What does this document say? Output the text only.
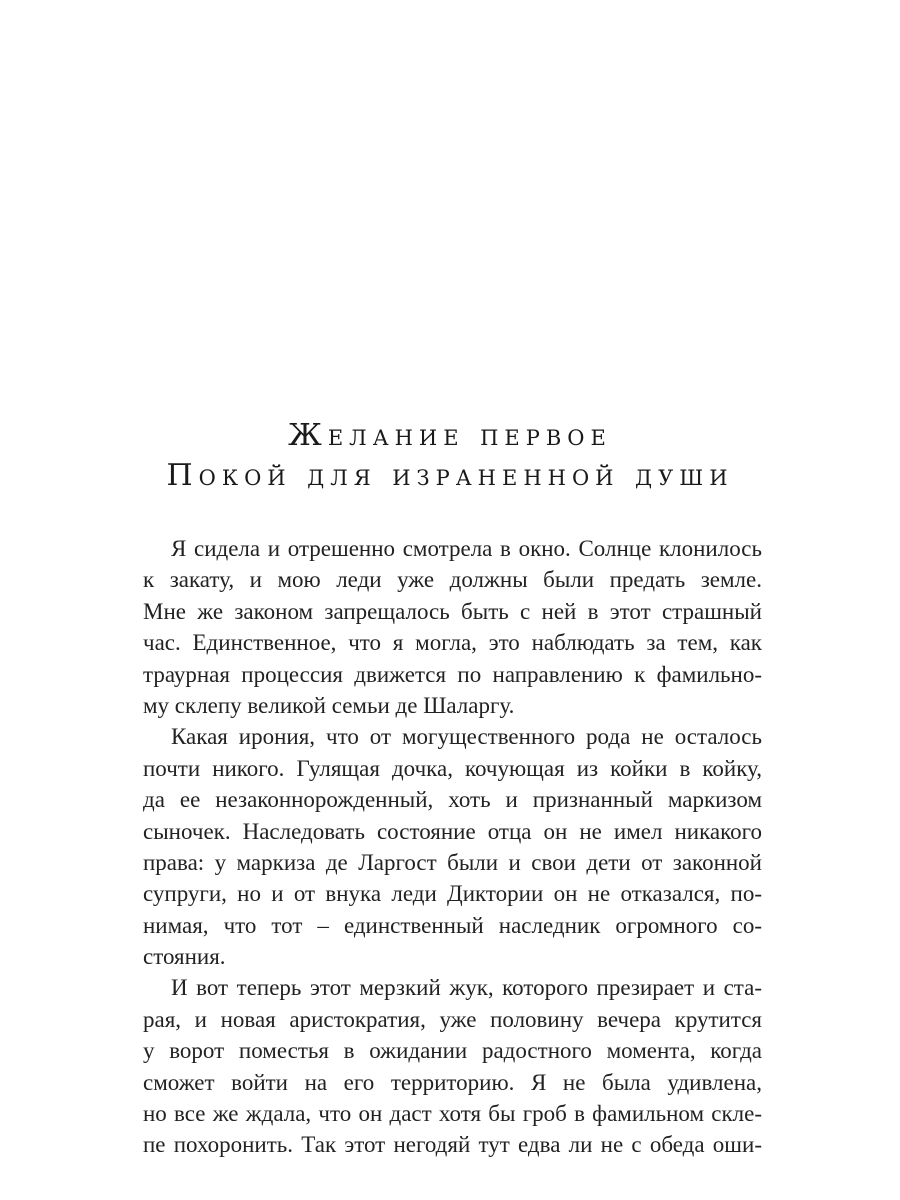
Желание первое
Покой для израненной души
Я сидела и отрешенно смотрела в окно. Солнце клонилось
к закату, и мою леди уже должны были предать земле.
Мне же законом запрещалось быть с ней в этот страшный
час. Единственное, что я могла, это наблюдать за тем, как
траурная процессия движется по направлению к фамильно-
му склепу великой семьи де Шаларгу.
Какая ирония, что от могущественного рода не осталось
почти никого. Гулящая дочка, кочующая из койки в койку,
да ее незаконнорожденный, хоть и признанный маркизом
сыночек. Наследовать состояние отца он не имел никакого
права: у маркиза де Ларгост были и свои дети от законной
супруги, но и от внука леди Диктории он не отказался, по-
нимая, что тот – единственный наследник огромного со-
стояния.
И вот теперь этот мерзкий жук, которого презирает и ста-
рая, и новая аристократия, уже половину вечера крутится
у ворот поместья в ожидании радостного момента, когда
сможет войти на его территорию. Я не была удивлена,
но все же ждала, что он даст хотя бы гроб в фамильном скле-
пе похоронить. Так этот негодяй тут едва ли не с обеда оши-
